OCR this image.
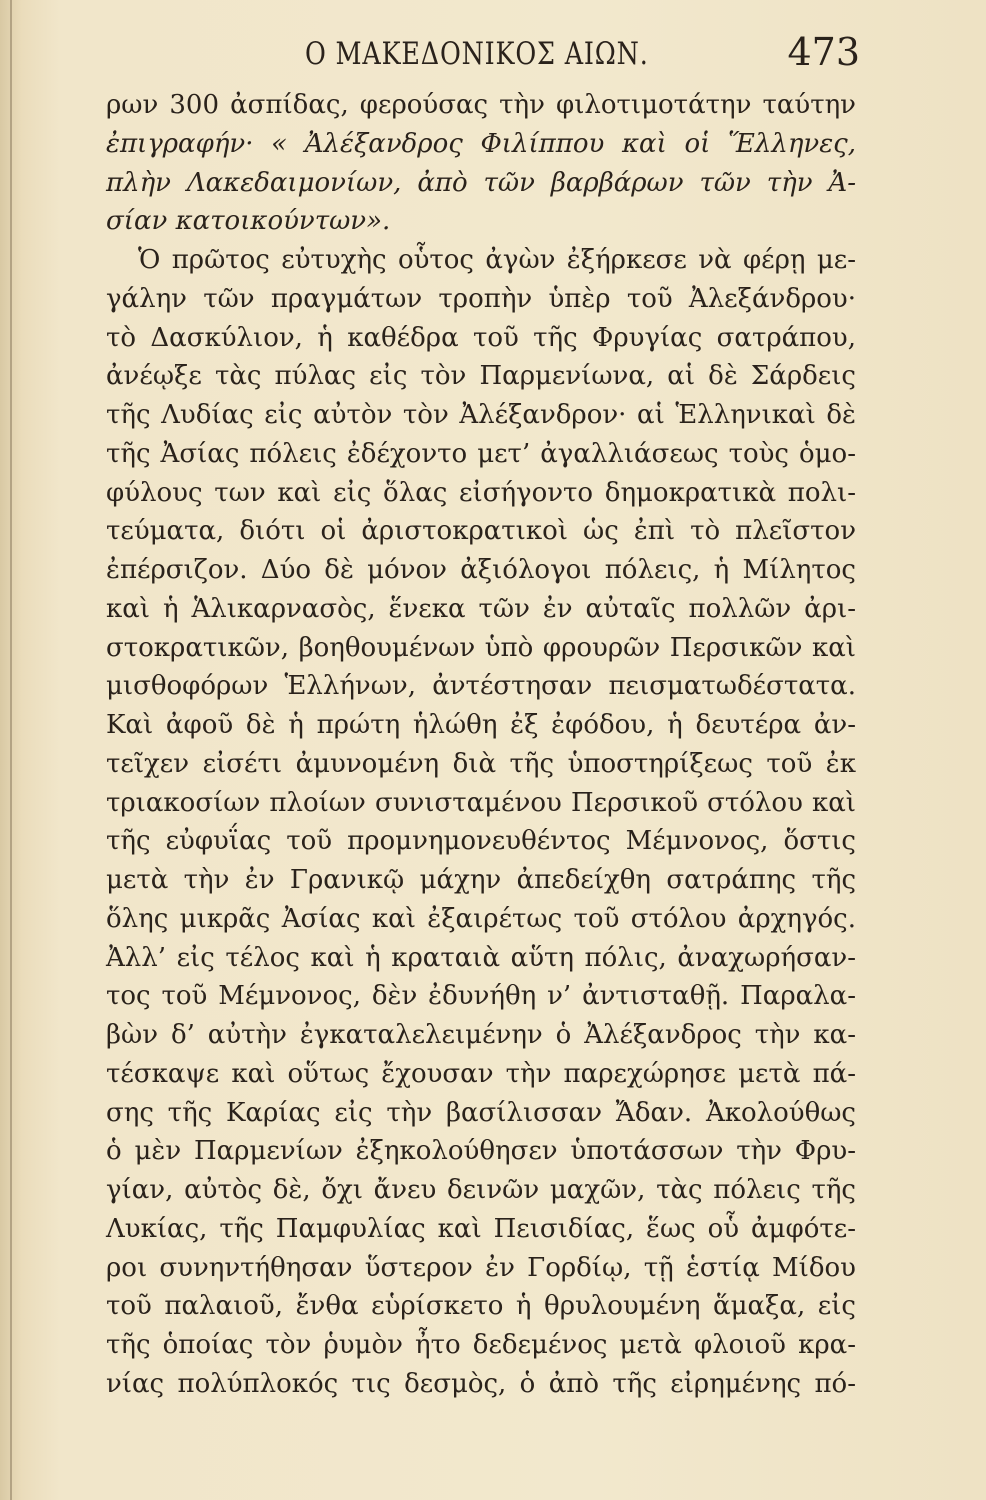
Ο ΜΑΚΕΔΟΝΙΚΟΣ ΑΙΩΝ.	473
ρων 300 ἀσπίδας, φερούσας τὴν φιλοτιμοτάτην ταύτην
ἐπιγραφήν· « Ἀλέξανδρος Φιλίππου καὶ οἱ Ἕλληνες,
πλὴν Λακεδαιμονίων, ἀπὸ τῶν βαρβάρων τῶν τὴν Ἀ-
σίαν κατοικούντων».
Ὁ πρῶτος εὐτυχὴς οὗτος ἀγὼν ἐξήρκεσε νὰ φέρῃ με-
γάλην τῶν πραγμάτων τροπὴν ὑπὲρ τοῦ Ἀλεξάνδρου·
τὸ Δασκύλιον, ἡ καθέδρα τοῦ τῆς Φρυγίας σατράπου,
ἀνέῳξε τὰς πύλας εἰς τὸν Παρμενίωνα, αἱ δὲ Σάρδεις
τῆς Λυδίας εἰς αὐτὸν τὸν Ἀλέξανδρον· αἱ Ἑλληνικαὶ δὲ
τῆς Ἀσίας πόλεις ἐδέχοντο μετ’ ἀγαλλιάσεως τοὺς ὁμο-
φύλους των καὶ εἰς ὅλας εἰσήγοντο δημοκρατικὰ πολι-
τεύματα, διότι οἱ ἀριστοκρατικοὶ ὡς ἐπὶ τὸ πλεῖστον
ἐπέρσιζον. Δύο δὲ μόνον ἀξιόλογοι πόλεις, ἡ Μίλητος
καὶ ἡ Ἁλικαρνασὸς, ἕνεκα τῶν ἐν αὐταῖς πολλῶν ἀρι-
στοκρατικῶν, βοηθουμένων ὑπὸ φρουρῶν Περσικῶν καὶ
μισθοφόρων Ἑλλήνων, ἀντέστησαν πεισματωδέστατα.
Καὶ ἀφοῦ δὲ ἡ πρώτη ἡλώθη ἐξ ἐφόδου, ἡ δευτέρα ἀν-
τεῖχεν εἰσέτι ἀμυνομένη διὰ τῆς ὑποστηρίξεως τοῦ ἐκ
τριακοσίων πλοίων συνισταμένου Περσικοῦ στόλου καὶ
τῆς εὐφυΐας τοῦ προμνημονευθέντος Μέμνονος, ὅστις
μετὰ τὴν ἐν Γρανικῷ μάχην ἀπεδείχθη σατράπης τῆς
ὅλης μικρᾶς Ἀσίας καὶ ἐξαιρέτως τοῦ στόλου ἀρχηγός.
Ἀλλ’ εἰς τέλος καὶ ἡ κραταιὰ αὕτη πόλις, ἀναχωρήσαν-
τος τοῦ Μέμνονος, δὲν ἐδυνήθη ν’ ἀντισταθῇ. Παραλα-
βὼν δ’ αὐτὴν ἐγκαταλελειμένην ὁ Ἀλέξανδρος τὴν κα-
τέσκαψε καὶ οὕτως ἔχουσαν τὴν παρεχώρησε μετὰ πά-
σης τῆς Καρίας εἰς τὴν βασίλισσαν Ἄδαν. Ἀκολούθως
ὁ μὲν Παρμενίων ἐξηκολούθησεν ὑποτάσσων τὴν Φρυ-
γίαν, αὐτὸς δὲ, ὄχι ἄνευ δεινῶν μαχῶν, τὰς πόλεις τῆς
Λυκίας, τῆς Παμφυλίας καὶ Πεισιδίας, ἕως οὗ ἀμφότε-
ροι συνηντήθησαν ὕστερον ἐν Γορδίῳ, τῇ ἑστίᾳ Μίδου
τοῦ παλαιοῦ, ἔνθα εὑρίσκετο ἡ θρυλουμένη ἅμαξα, εἰς
τῆς ὁποίας τὸν ῥυμὸν ἦτο δεδεμένος μετὰ φλοιοῦ κρα-
νίας πολύπλοκός τις δεσμὸς, ὁ ἀπὸ τῆς εἰρημένης πό-
